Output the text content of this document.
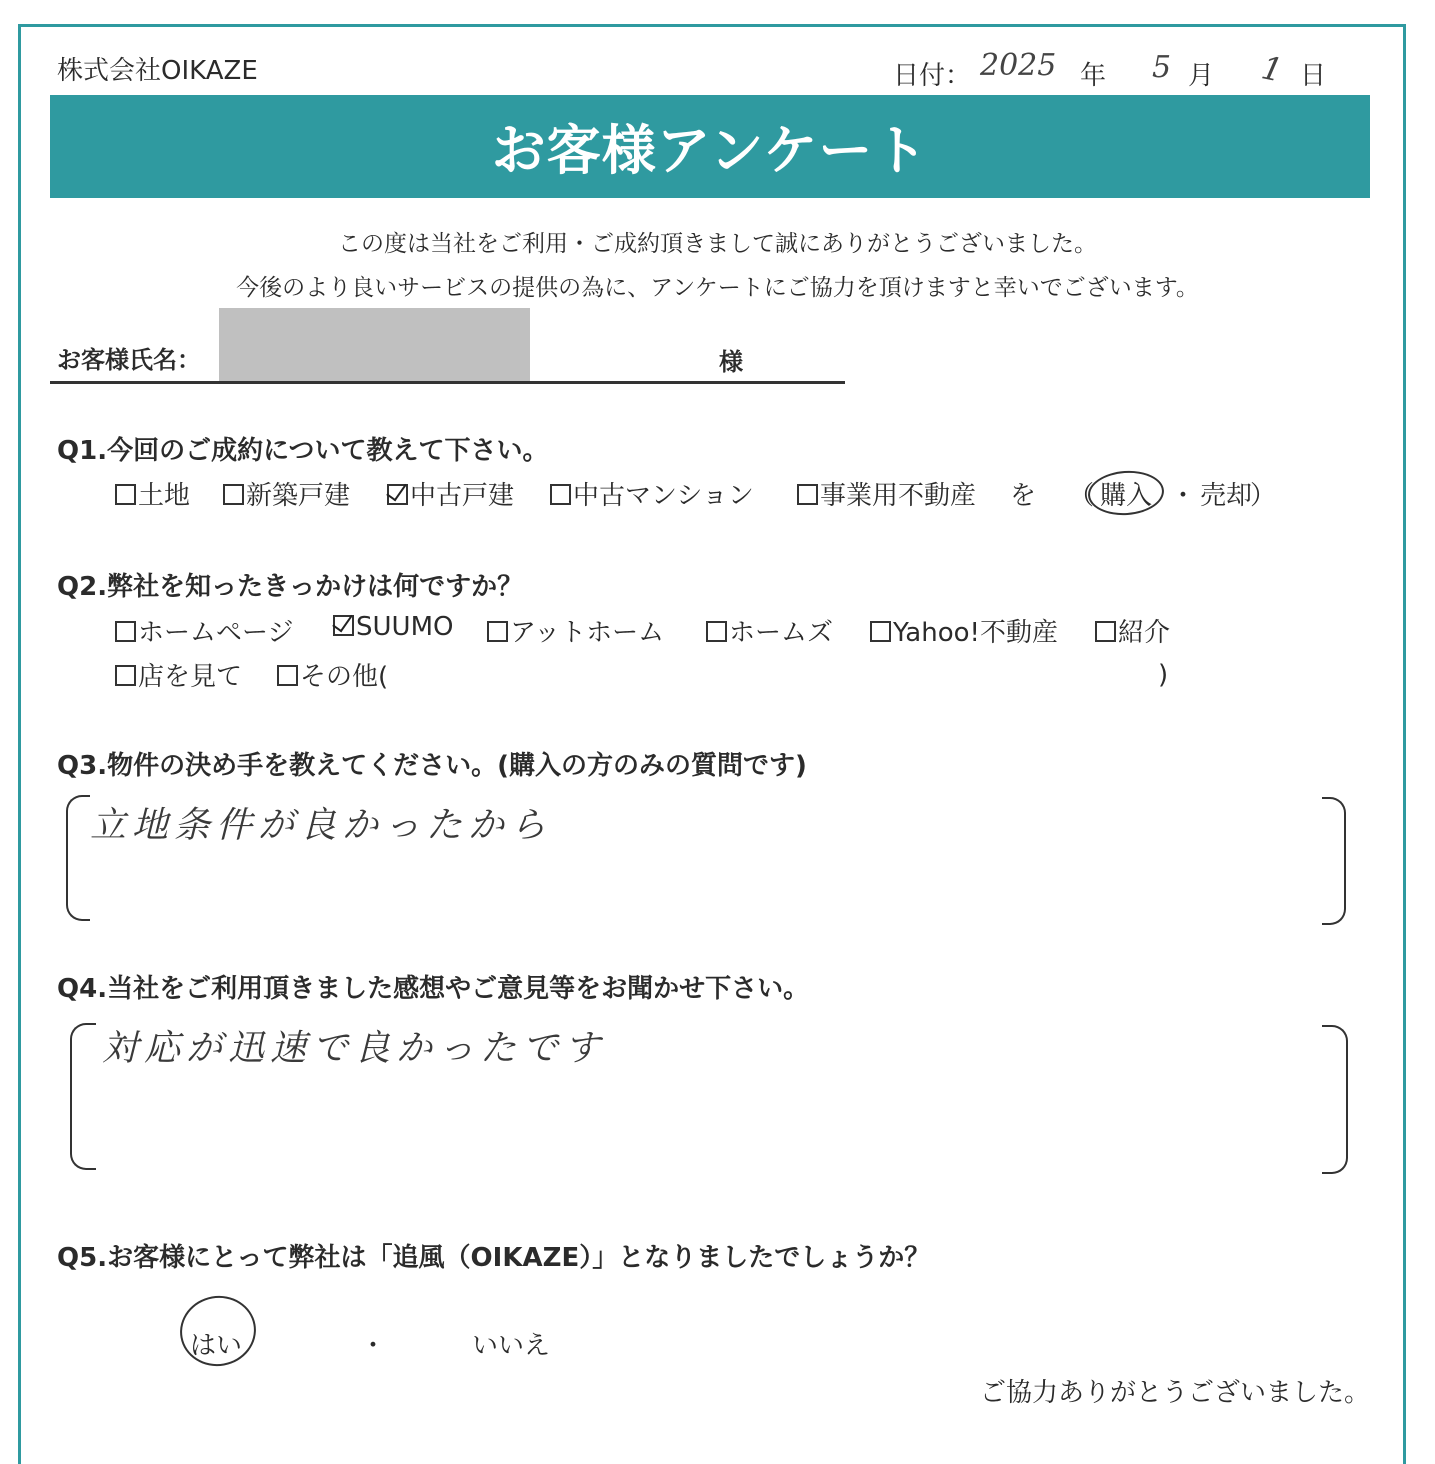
株式会社OIKAZE	日付： 2025 年 5 月 1 日
お客様アンケート
この度は当社をご利用・ご成約頂きまして誠にありがとうございました。
今後のより良いサービスの提供の為に、アンケートにご協力を頂けますと幸いでございます。
お客様氏名：	様
Q1.今回のご成約について教えて下さい。
土地	新築戸建	中古戸建	中古マンション	事業用不動産 を （ 購入 ・ 売却
）
Q2.弊社を知ったきっかけは何ですか？
ホームページ	SUUMO	アットホーム	ホームズ	Yahoo!不動産	紹介
店を見て	その他(	)
Q3.物件の決め手を教えてください。(購入の方のみの質問です)
立地条件が良かったから
Q4.当社をご利用頂きました感想やご意見等をお聞かせ下さい。
対応が迅速で良かったです
Q5.お客様にとって弊社は「追風（OIKAZE）」となりましたでしょうか？
はい	・	いいえ
ご協力ありがとうございました。
